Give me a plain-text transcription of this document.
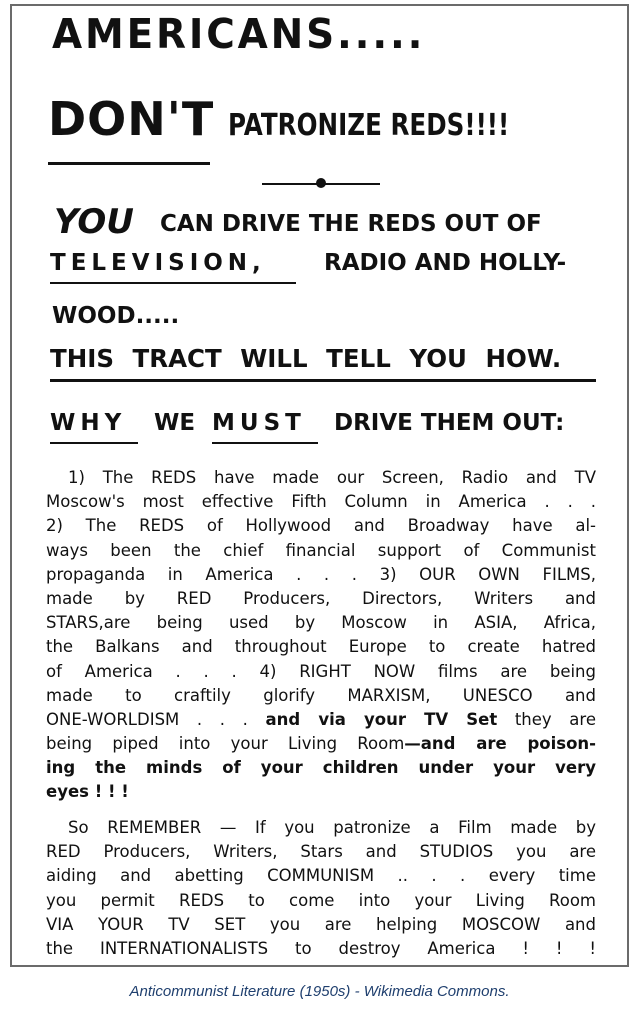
AMERICANS.....
DON'T PATRONIZE REDS!!!!
YOU CAN DRIVE THE REDS OUT OF
TELEVISION,	RADIO AND HOLLY-
WOOD.....
THIS TRACT WILL TELL YOU HOW.
WHY WE MUST DRIVE THEM OUT:
1) The REDS have made our Screen, Radio and TV
Moscow's most effective Fifth Column in America . . .
2) The REDS of Hollywood and Broadway have al-
ways been the chief financial support of Communist
propaganda in America . . . 3) OUR OWN FILMS,
made by RED Producers, Directors, Writers and
STARS,are being used by Moscow in ASIA, Africa,
the Balkans and throughout Europe to create hatred
of America . . . 4) RIGHT NOW films are being
made to craftily glorify MARXISM, UNESCO and
ONE-WORLDISM . . . and via your TV Set they are
being piped into your Living Room—and are poison-
ing the minds of your children under your very
eyes ! ! !
So REMEMBER — If you patronize a Film made by
RED Producers, Writers, Stars and STUDIOS you are
aiding and abetting COMMUNISM .. . . every time
you permit REDS to come into your Living Room
VIA YOUR TV SET you are helping MOSCOW and
the INTERNATIONALISTS to destroy America ! ! !
Anticommunist Literature (1950s) - Wikimedia Commons.
